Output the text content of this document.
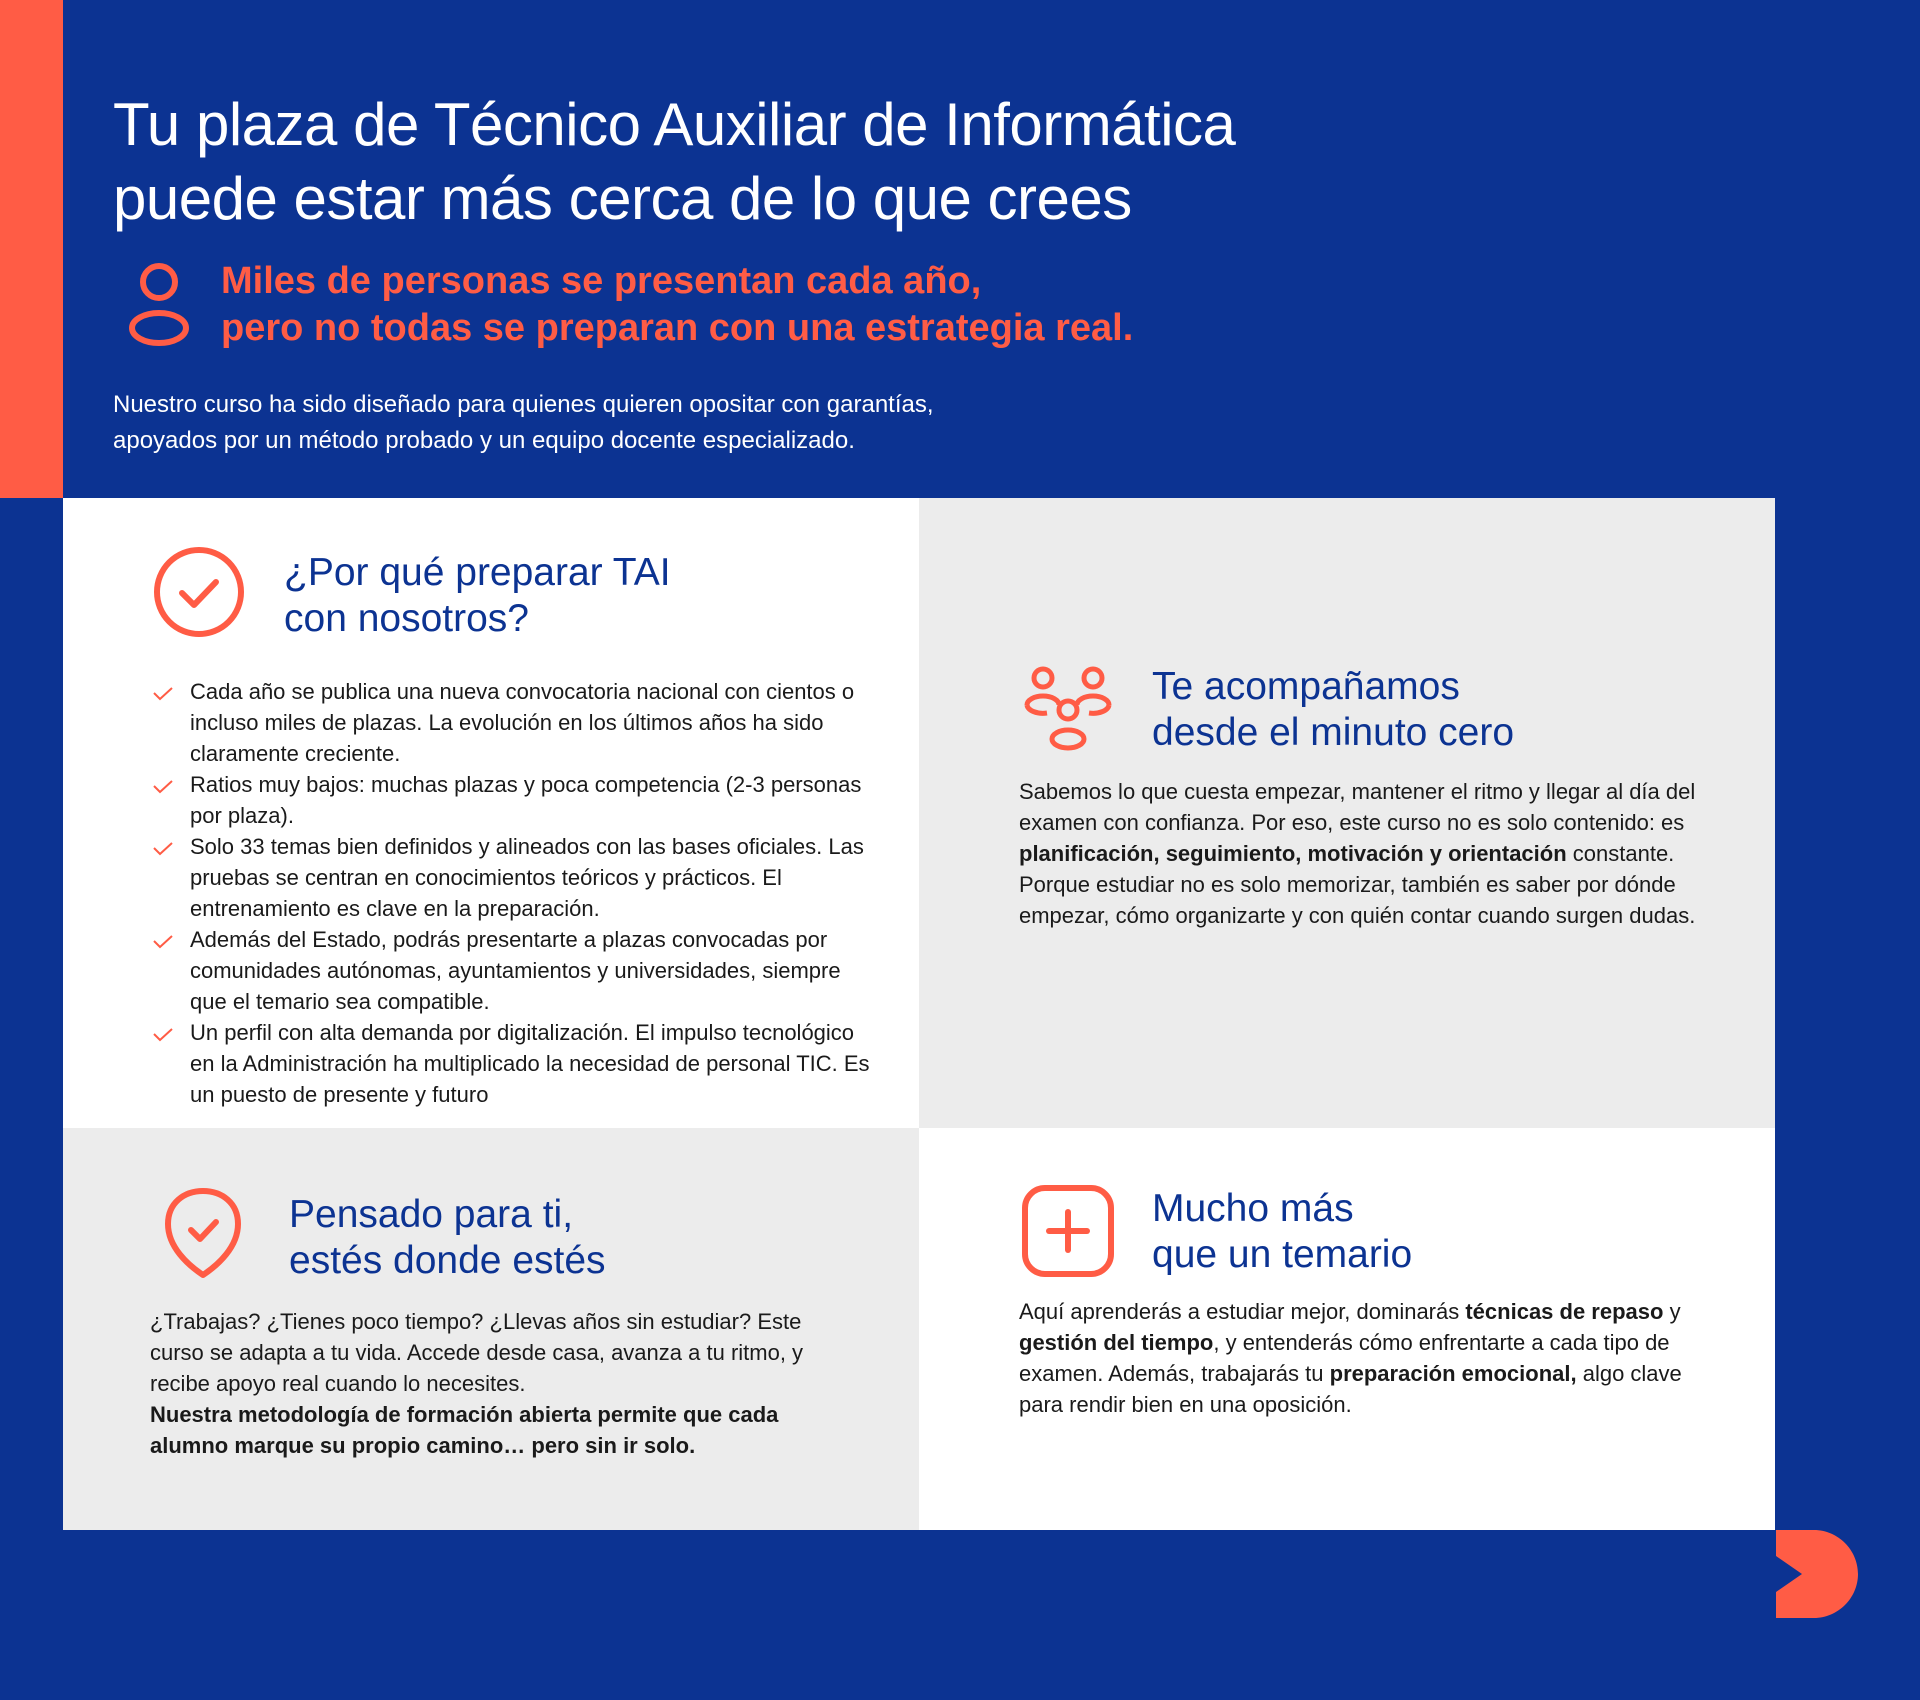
Tu plaza de Técnico Auxiliar de Informática
puede estar más cerca de lo que crees
Miles de personas se presentan cada año,
pero no todas se preparan con una estrategia real.

Nuestro curso ha sido diseñado para quienes quieren opositar con garantías,
apoyados por un método probado y un equipo docente especializado.

¿Por qué preparar TAI
con nosotros?
Cada año se publica una nueva convocatoria nacional con cientos o incluso miles de plazas. La evolución en los últimos años ha sido claramente creciente.
Ratios muy bajos: muchas plazas y poca competencia (2-3 personas por plaza).
Solo 33 temas bien definidos y alineados con las bases oficiales. Las pruebas se centran en conocimientos teóricos y prácticos. El entrenamiento es clave en la preparación.
Además del Estado, podrás presentarte a plazas convocadas por comunidades autónomas, ayuntamientos y universidades, siempre que el temario sea compatible.
Un perfil con alta demanda por digitalización. El impulso tecnológico en la Administración ha multiplicado la necesidad de personal TIC. Es un puesto de presente y futuro
Te acompañamos
desde el minuto cero

Sabemos lo que cuesta empezar, mantener el ritmo y llegar al día del examen con confianza. Por eso, este curso no es solo contenido: es planificación, seguimiento, motivación y orientación constante. Porque estudiar no es solo memorizar, también es saber por dónde empezar, cómo organizarte y con quién contar cuando surgen dudas.

Pensado para ti,
estés donde estés

¿Trabajas? ¿Tienes poco tiempo? ¿Llevas años sin estudiar? Este curso se adapta a tu vida. Accede desde casa, avanza a tu ritmo, y recibe apoyo real cuando lo necesites.
Nuestra metodología de formación abierta permite que cada alumno marque su propio camino… pero sin ir solo.

Mucho más
que un temario

Aquí aprenderás a estudiar mejor, dominarás técnicas de repaso y gestión del tiempo, y entenderás cómo enfrentarte a cada tipo de examen. Además, trabajarás tu preparación emocional, algo clave para rendir bien en una oposición.
